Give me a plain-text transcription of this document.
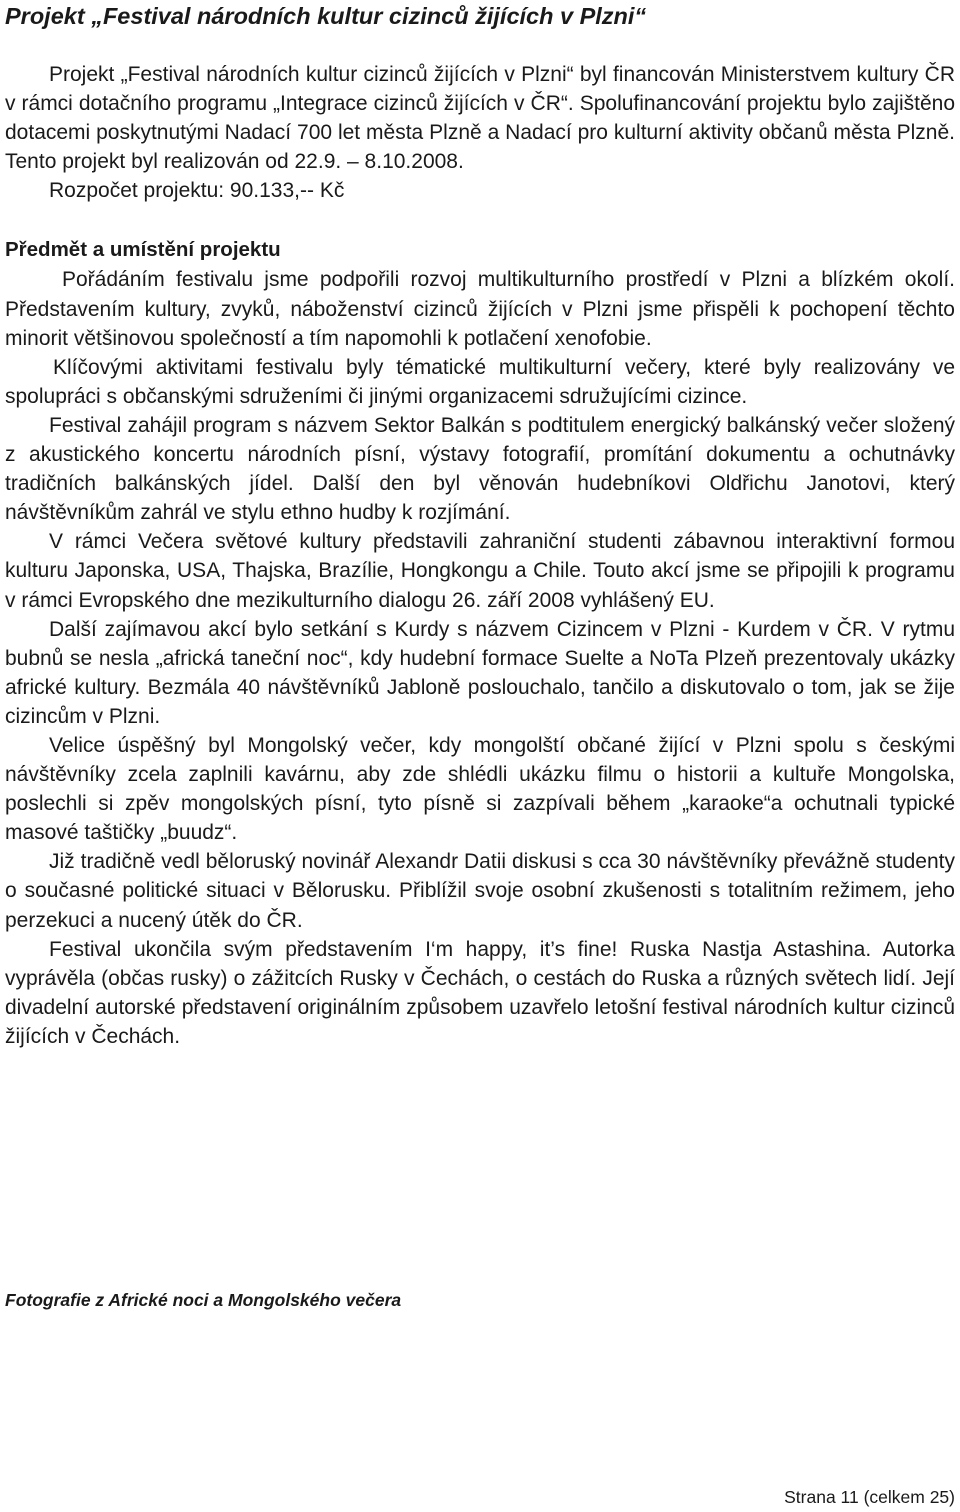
Projekt „Festival národních kultur cizinců žijících v Plzni“

Projekt „Festival národních kultur cizinců žijících v Plzni“ byl financován Ministerstvem kultury ČR v rámci dotačního programu „Integrace cizinců žijících v ČR“. Spolufinancování projektu bylo zajištěno dotacemi poskytnutými Nadací 700 let města Plzně a Nadací pro kulturní aktivity občanů města Plzně. Tento projekt byl realizován od 22.9. – 8.10.2008.

Rozpočet projektu: 90.133,-- Kč

Předmět a umístění projektu

Pořádáním festivalu jsme podpořili rozvoj multikulturního prostředí v Plzni a blízkém okolí. Představením kultury, zvyků, náboženství cizinců žijících v Plzni jsme přispěli k pochopení těchto minorit většinovou společností a tím napomohli k potlačení xenofobie.

Klíčovými aktivitami festivalu byly tématické multikulturní večery, které byly realizovány ve spolupráci s občanskými sdruženími či jinými organizacemi sdružujícími cizince.

Festival zahájil program s názvem Sektor Balkán s podtitulem energický balkánský večer složený z akustického koncertu národních písní, výstavy fotografií, promítání dokumentu a ochutnávky tradičních balkánských jídel. Další den byl věnován hudebníkovi Oldřichu Janotovi, který návštěvníkům zahrál ve stylu ethno hudby k rozjímání.

V rámci Večera světové kultury představili zahraniční studenti zábavnou interaktivní formou kulturu Japonska, USA, Thajska, Brazílie, Hongkongu a Chile. Touto akcí jsme se připojili k programu v rámci Evropského dne mezikulturního dialogu 26. září 2008 vyhlášený EU.

Další zajímavou akcí bylo setkání s Kurdy s názvem Cizincem v Plzni - Kurdem v ČR. V rytmu bubnů se nesla „africká taneční noc“, kdy hudební formace Suelte a NoTa Plzeň prezentovaly ukázky africké kultury. Bezmála 40 návštěvníků Jabloně poslouchalo, tančilo a diskutovalo o tom, jak se žije cizincům v Plzni.

Velice úspěšný byl Mongolský večer, kdy mongolští občané žijící v Plzni spolu s českými návštěvníky zcela zaplnili kavárnu, aby zde shlédli ukázku filmu o historii a kultuře Mongolska, poslechli si zpěv mongolských písní, tyto písně si zazpívali během „karaoke“a ochutnali typické masové taštičky „buudz“.

Již tradičně vedl běloruský novinář Alexandr Datii diskusi s cca 30 návštěvníky převážně studenty o současné politické situaci v Bělorusku. Přiblížil svoje osobní zkušenosti s totalitním režimem, jeho perzekuci a nucený útěk do ČR.

Festival ukončila svým představením I‘m happy, it’s fine! Ruska Nastja Astashina. Autorka vyprávěla (občas rusky) o zážitcích Rusky v Čechách, o cestách do Ruska a různých světech lidí. Její divadelní autorské představení originálním způsobem uzavřelo letošní festival národních kultur cizinců žijících v Čechách.

Fotografie z Africké noci a Mongolského večera

Strana 11 (celkem 25)
